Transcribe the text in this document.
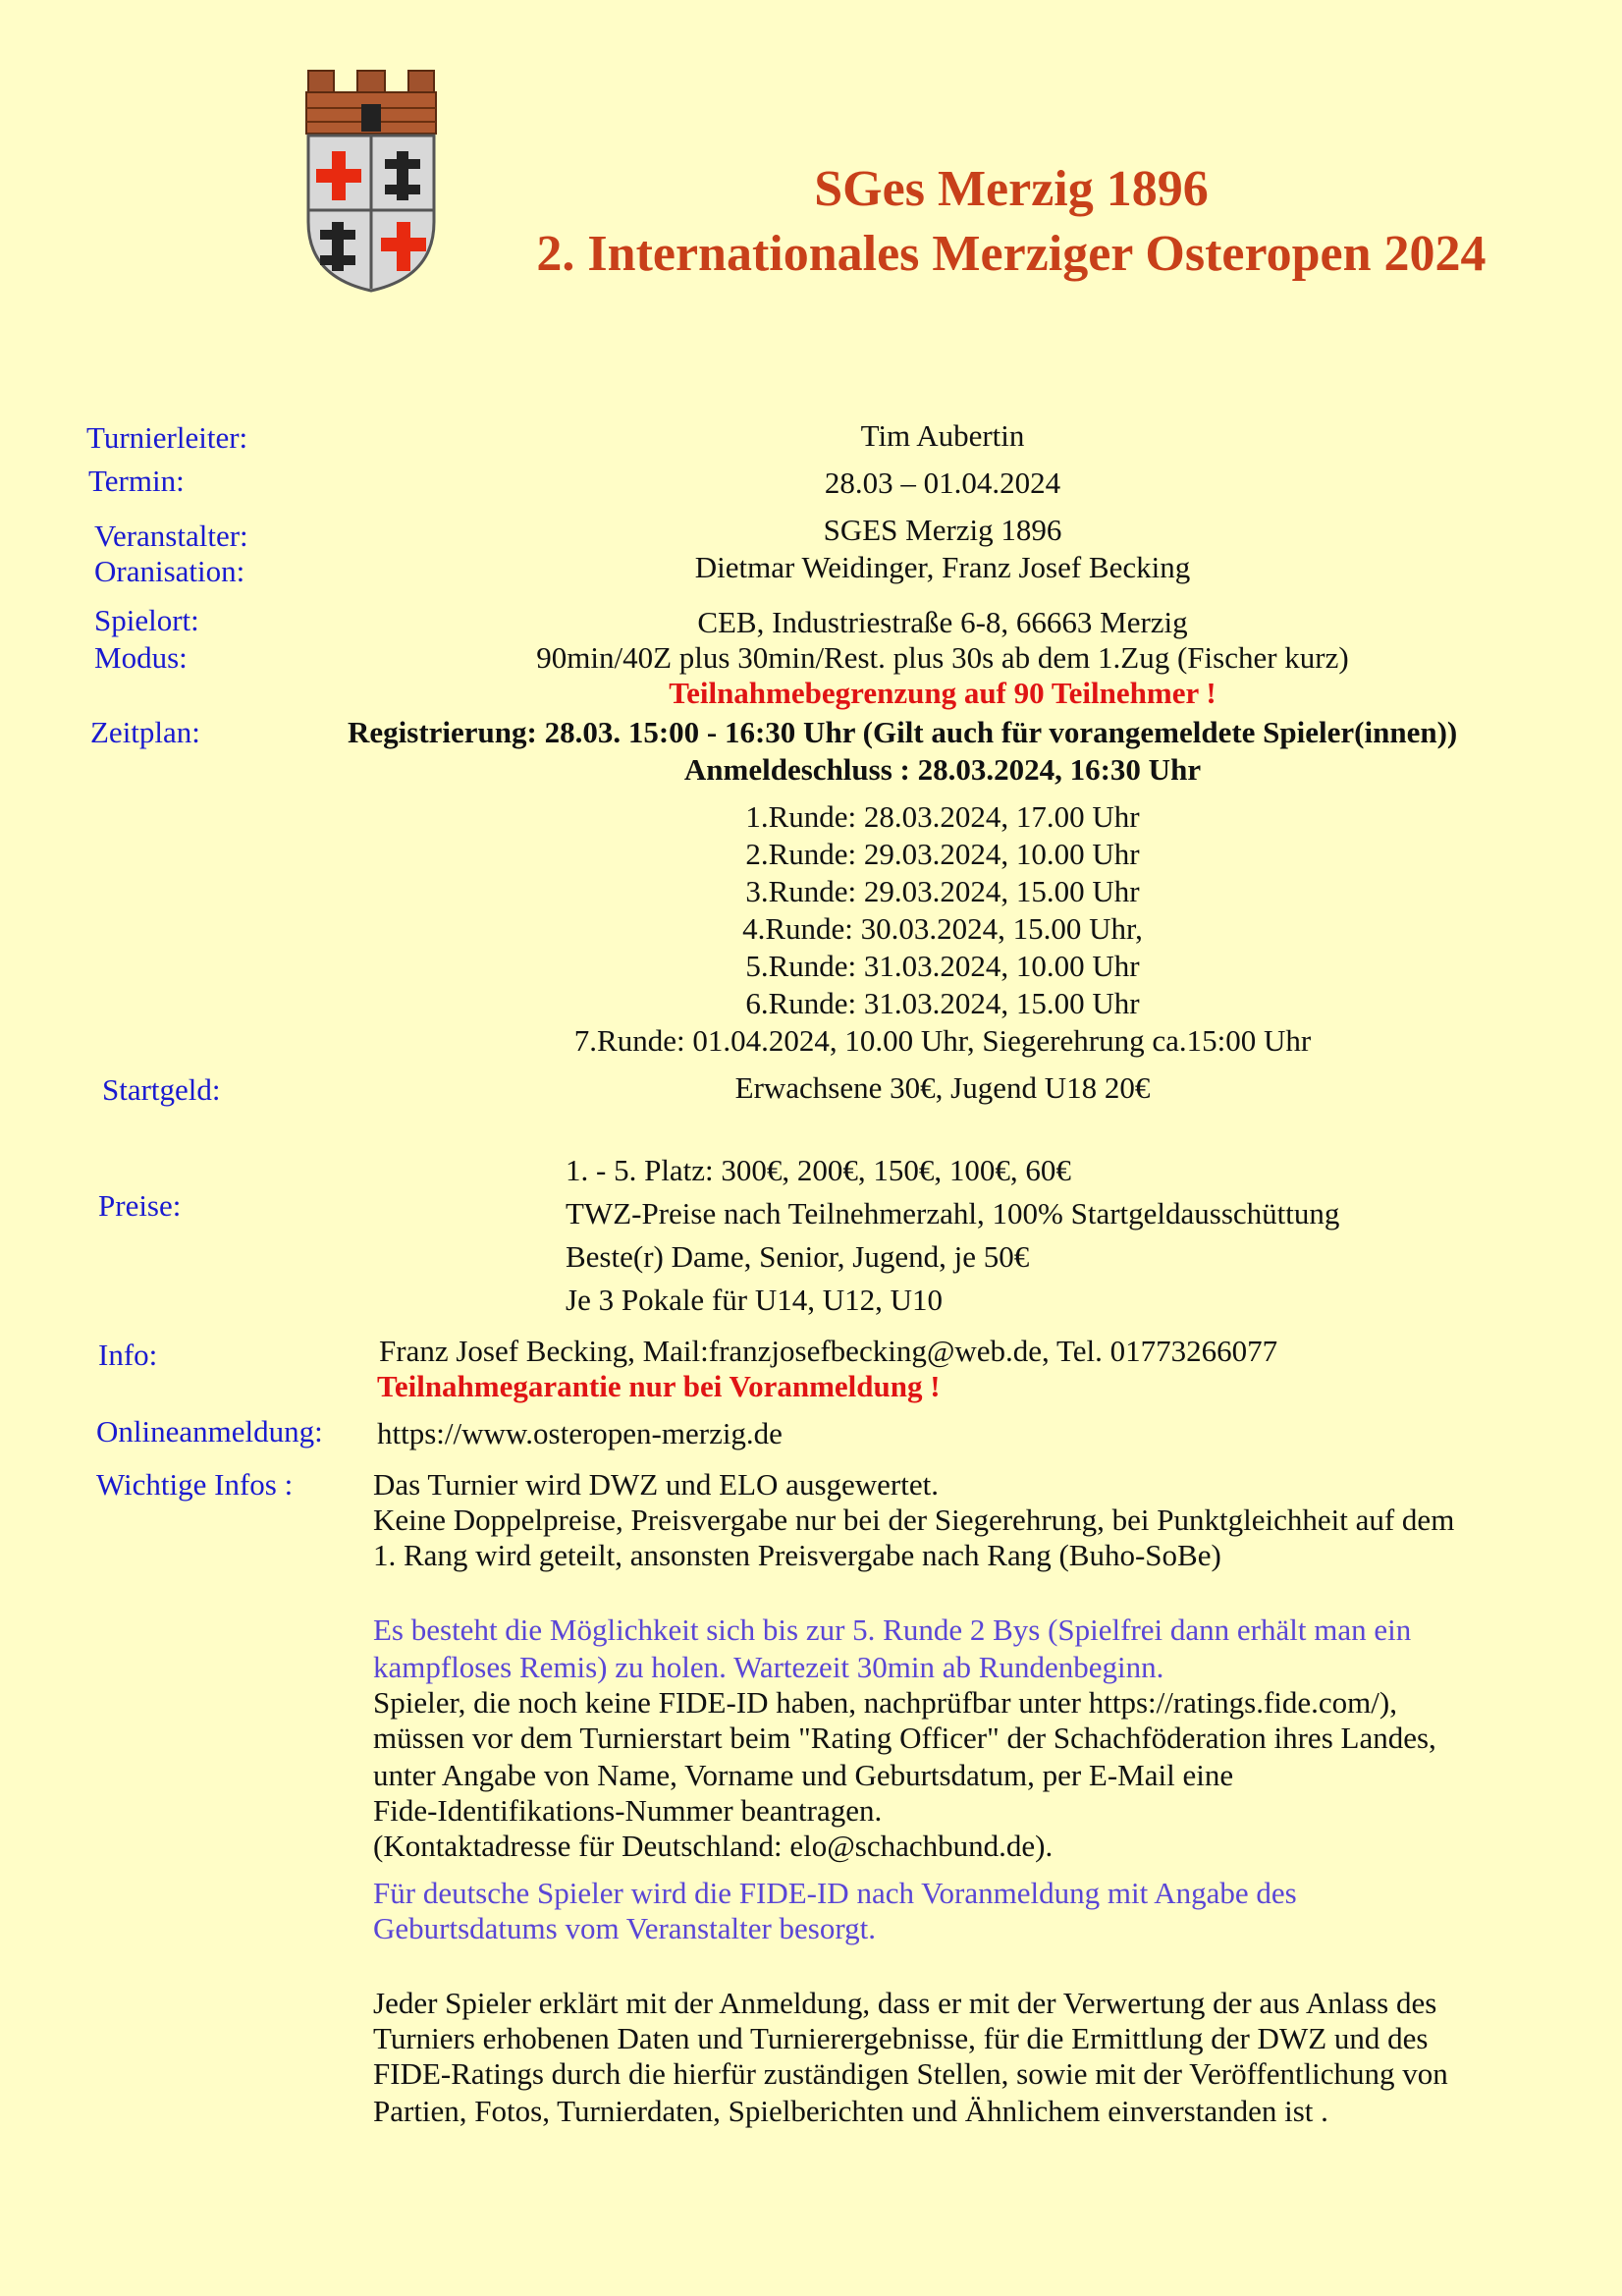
SGes Merzig 1896
2. Internationales Merziger Osteropen 2024
Turnierleiter:	Tim Aubertin
Termin:	28.03 – 01.04.2024
Veranstalter:	SGES Merzig 1896
Oranisation:	Dietmar Weidinger, Franz Josef Becking
Spielort:	CEB, Industriestraße 6-8, 66663 Merzig
Modus:	90min/40Z plus 30min/Rest. plus 30s ab dem 1.Zug (Fischer kurz)
Teilnahmebegrenzung auf 90 Teilnehmer !
Zeitplan:	Registrierung: 28.03. 15:00 - 16:30 Uhr (Gilt auch für vorangemeldete Spieler(innen))
Anmeldeschluss : 28.03.2024, 16:30 Uhr
1.Runde: 28.03.2024, 17.00 Uhr
2.Runde: 29.03.2024, 10.00 Uhr
3.Runde: 29.03.2024, 15.00 Uhr
4.Runde: 30.03.2024, 15.00 Uhr,
5.Runde: 31.03.2024, 10.00 Uhr
6.Runde: 31.03.2024, 15.00 Uhr
7.Runde: 01.04.2024, 10.00 Uhr, Siegerehrung ca.15:00 Uhr
Startgeld:	Erwachsene 30€, Jugend U18 20€
Preise:
1. - 5. Platz: 300€, 200€, 150€, 100€, 60€
TWZ-Preise nach Teilnehmerzahl, 100% Startgeldausschüttung
Beste(r) Dame, Senior, Jugend, je 50€
Je 3 Pokale für U14, U12, U10
Info:	Franz Josef Becking, Mail:franzjosefbecking@web.de, Tel. 01773266077
Teilnahmegarantie nur bei Voranmeldung !
Onlineanmeldung: https://www.osteropen-merzig.de
Wichtige Infos :	Das Turnier wird DWZ und ELO ausgewertet.
Keine Doppelpreise, Preisvergabe nur bei der Siegerehrung, bei Punktgleichheit auf dem
1. Rang wird geteilt, ansonsten Preisvergabe nach Rang (Buho-SoBe)
Es besteht die Möglichkeit sich bis zur 5. Runde 2 Bys (Spielfrei dann erhält man ein
kampfloses Remis) zu holen. Wartezeit 30min ab Rundenbeginn.
Spieler, die noch keine FIDE-ID haben, nachprüfbar unter https://ratings.fide.com/),
müssen vor dem Turnierstart beim "Rating Officer" der Schachföderation ihres Landes,
unter Angabe von Name, Vorname und Geburtsdatum, per E-Mail eine
Fide-Identifikations-Nummer beantragen.
(Kontaktadresse für Deutschland: elo@schachbund.de).
Für deutsche Spieler wird die FIDE-ID nach Voranmeldung mit Angabe des
Geburtsdatums vom Veranstalter besorgt.
Jeder Spieler erklärt mit der Anmeldung, dass er mit der Verwertung der aus Anlass des
Turniers erhobenen Daten und Turnierergebnisse, für die Ermittlung der DWZ und des
FIDE-Ratings durch die hierfür zuständigen Stellen, sowie mit der Veröffentlichung von
Partien, Fotos, Turnierdaten, Spielberichten und Ähnlichem einverstanden ist .
